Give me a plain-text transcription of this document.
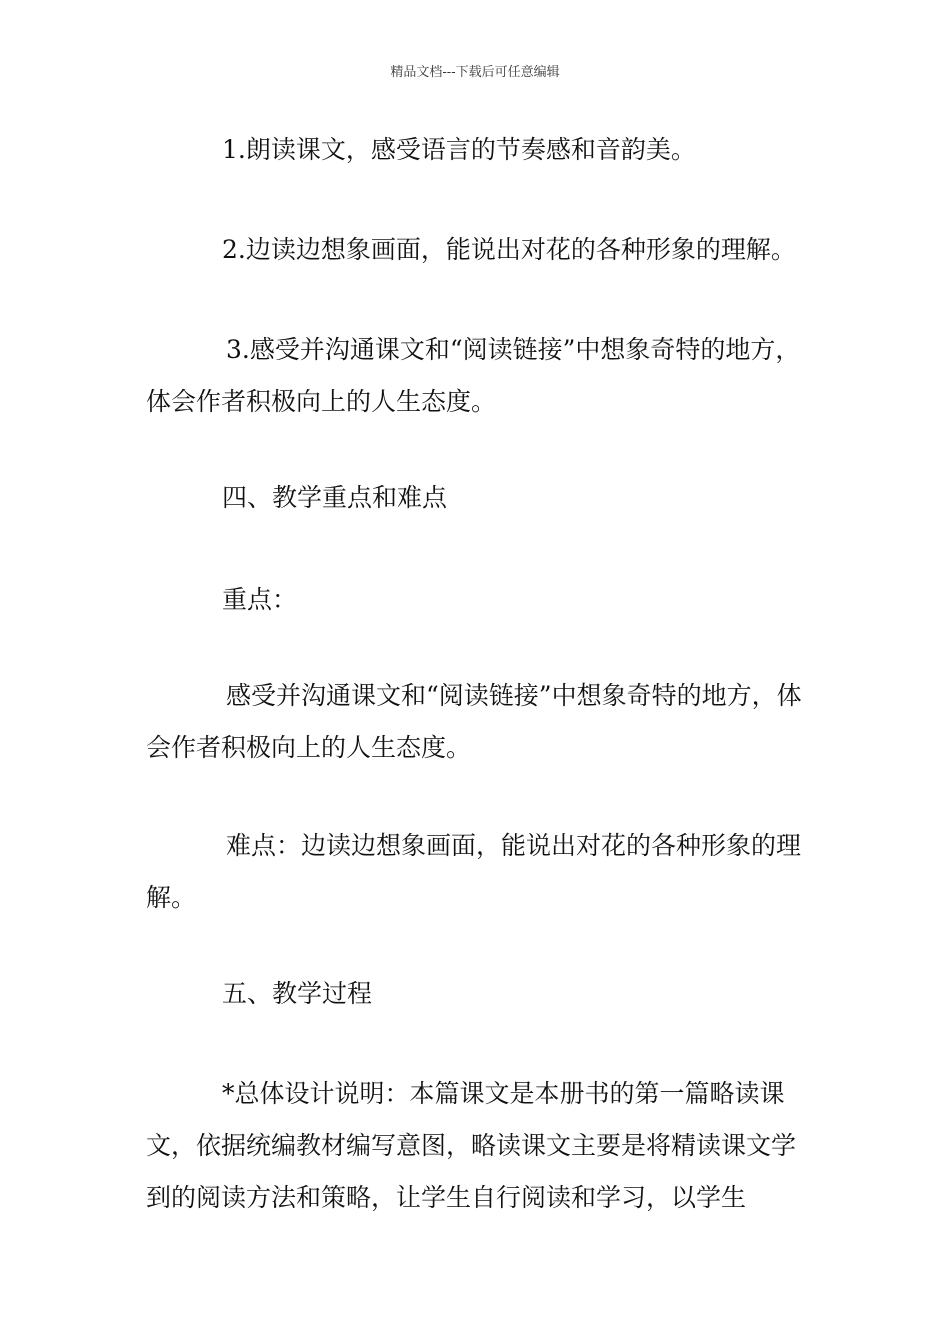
精品文档---下载后可任意编辑

1.朗读课文，感受语言的节奏感和音韵美。

2.边读边想象画面，能说出对花的各种形象的理解。

3.感受并沟通课文和“阅读链接”中想象奇特的地方，体会作者积极向上的人生态度。

四、教学重点和难点

重点：

感受并沟通课文和“阅读链接”中想象奇特的地方，体会作者积极向上的人生态度。

难点：边读边想象画面，能说出对花的各种形象的理解。

五、教学过程

*总体设计说明：本篇课文是本册书的第一篇略读课文，依据统编教材编写意图，略读课文主要是将精读课文学到的阅读方法和策略，让学生自行阅读和学习，以学生
